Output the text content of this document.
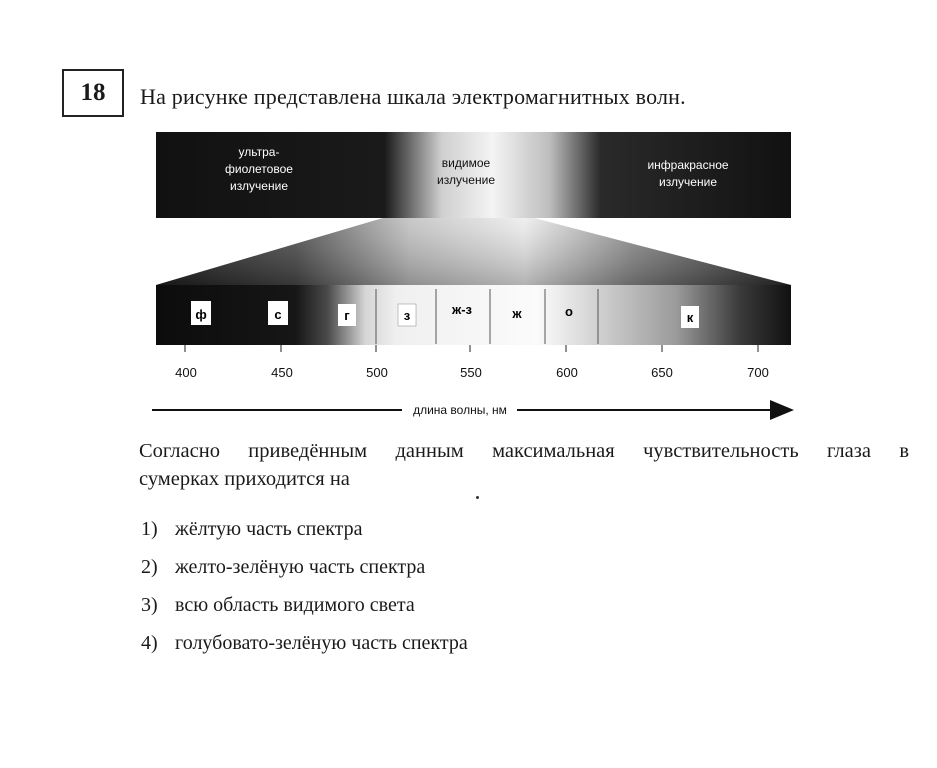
18 На рисунке представлена шкала электромагнитных волн.
ультра-
фиолетовое
излучение
видимое
излучение
инфракрасное
излучение
ф	с	г	з	ж-з	ж	о	к
400	450	500	550	600	650	700
длина волны, нм
Согласно приведённым данным максимальная чувствительность глаза в
сумерках приходится на
1) жёлтую часть спектра
2) желто-зелёную часть спектра
3) всю область видимого света
4) голубовато-зелёную часть спектра
